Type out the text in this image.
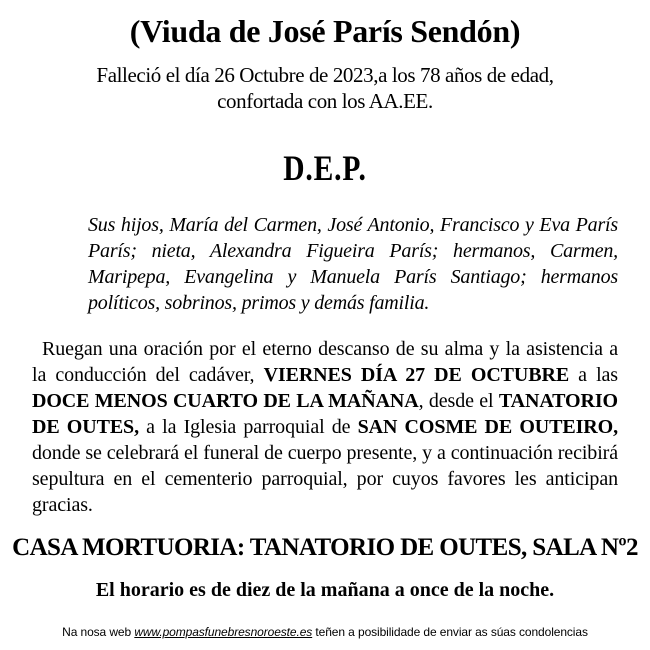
(Viuda de José París Sendón)
Falleció el día 26 Octubre de 2023,a los 78 años de edad,
confortada con los AA.EE.
D.E.P.
Sus hijos, María del Carmen, José Antonio, Francisco y Eva París París; nieta, Alexandra Figueira París; hermanos, Carmen, Maripepa, Evangelina y Manuela París Santiago; hermanos políticos, sobrinos, primos y demás familia.
Ruegan una oración por el eterno descanso de su alma y la asistencia a la conducción del cadáver, VIERNES DÍA 27 DE OCTUBRE a las DOCE MENOS CUARTO DE LA MAÑANA, desde el TANATORIO DE OUTES, a la Iglesia parroquial de SAN COSME DE OUTEIRO, donde se celebrará el funeral de cuerpo presente, y a continuación recibirá sepultura en el cementerio parroquial, por cuyos favores les anticipan gracias.
CASA MORTUORIA: TANATORIO DE OUTES, SALA Nº2
El horario es de diez de la mañana a once de la noche.
Na nosa web www.pompasfunebresnoroeste.es teñen a posibilidade de enviar as súas condolencias
